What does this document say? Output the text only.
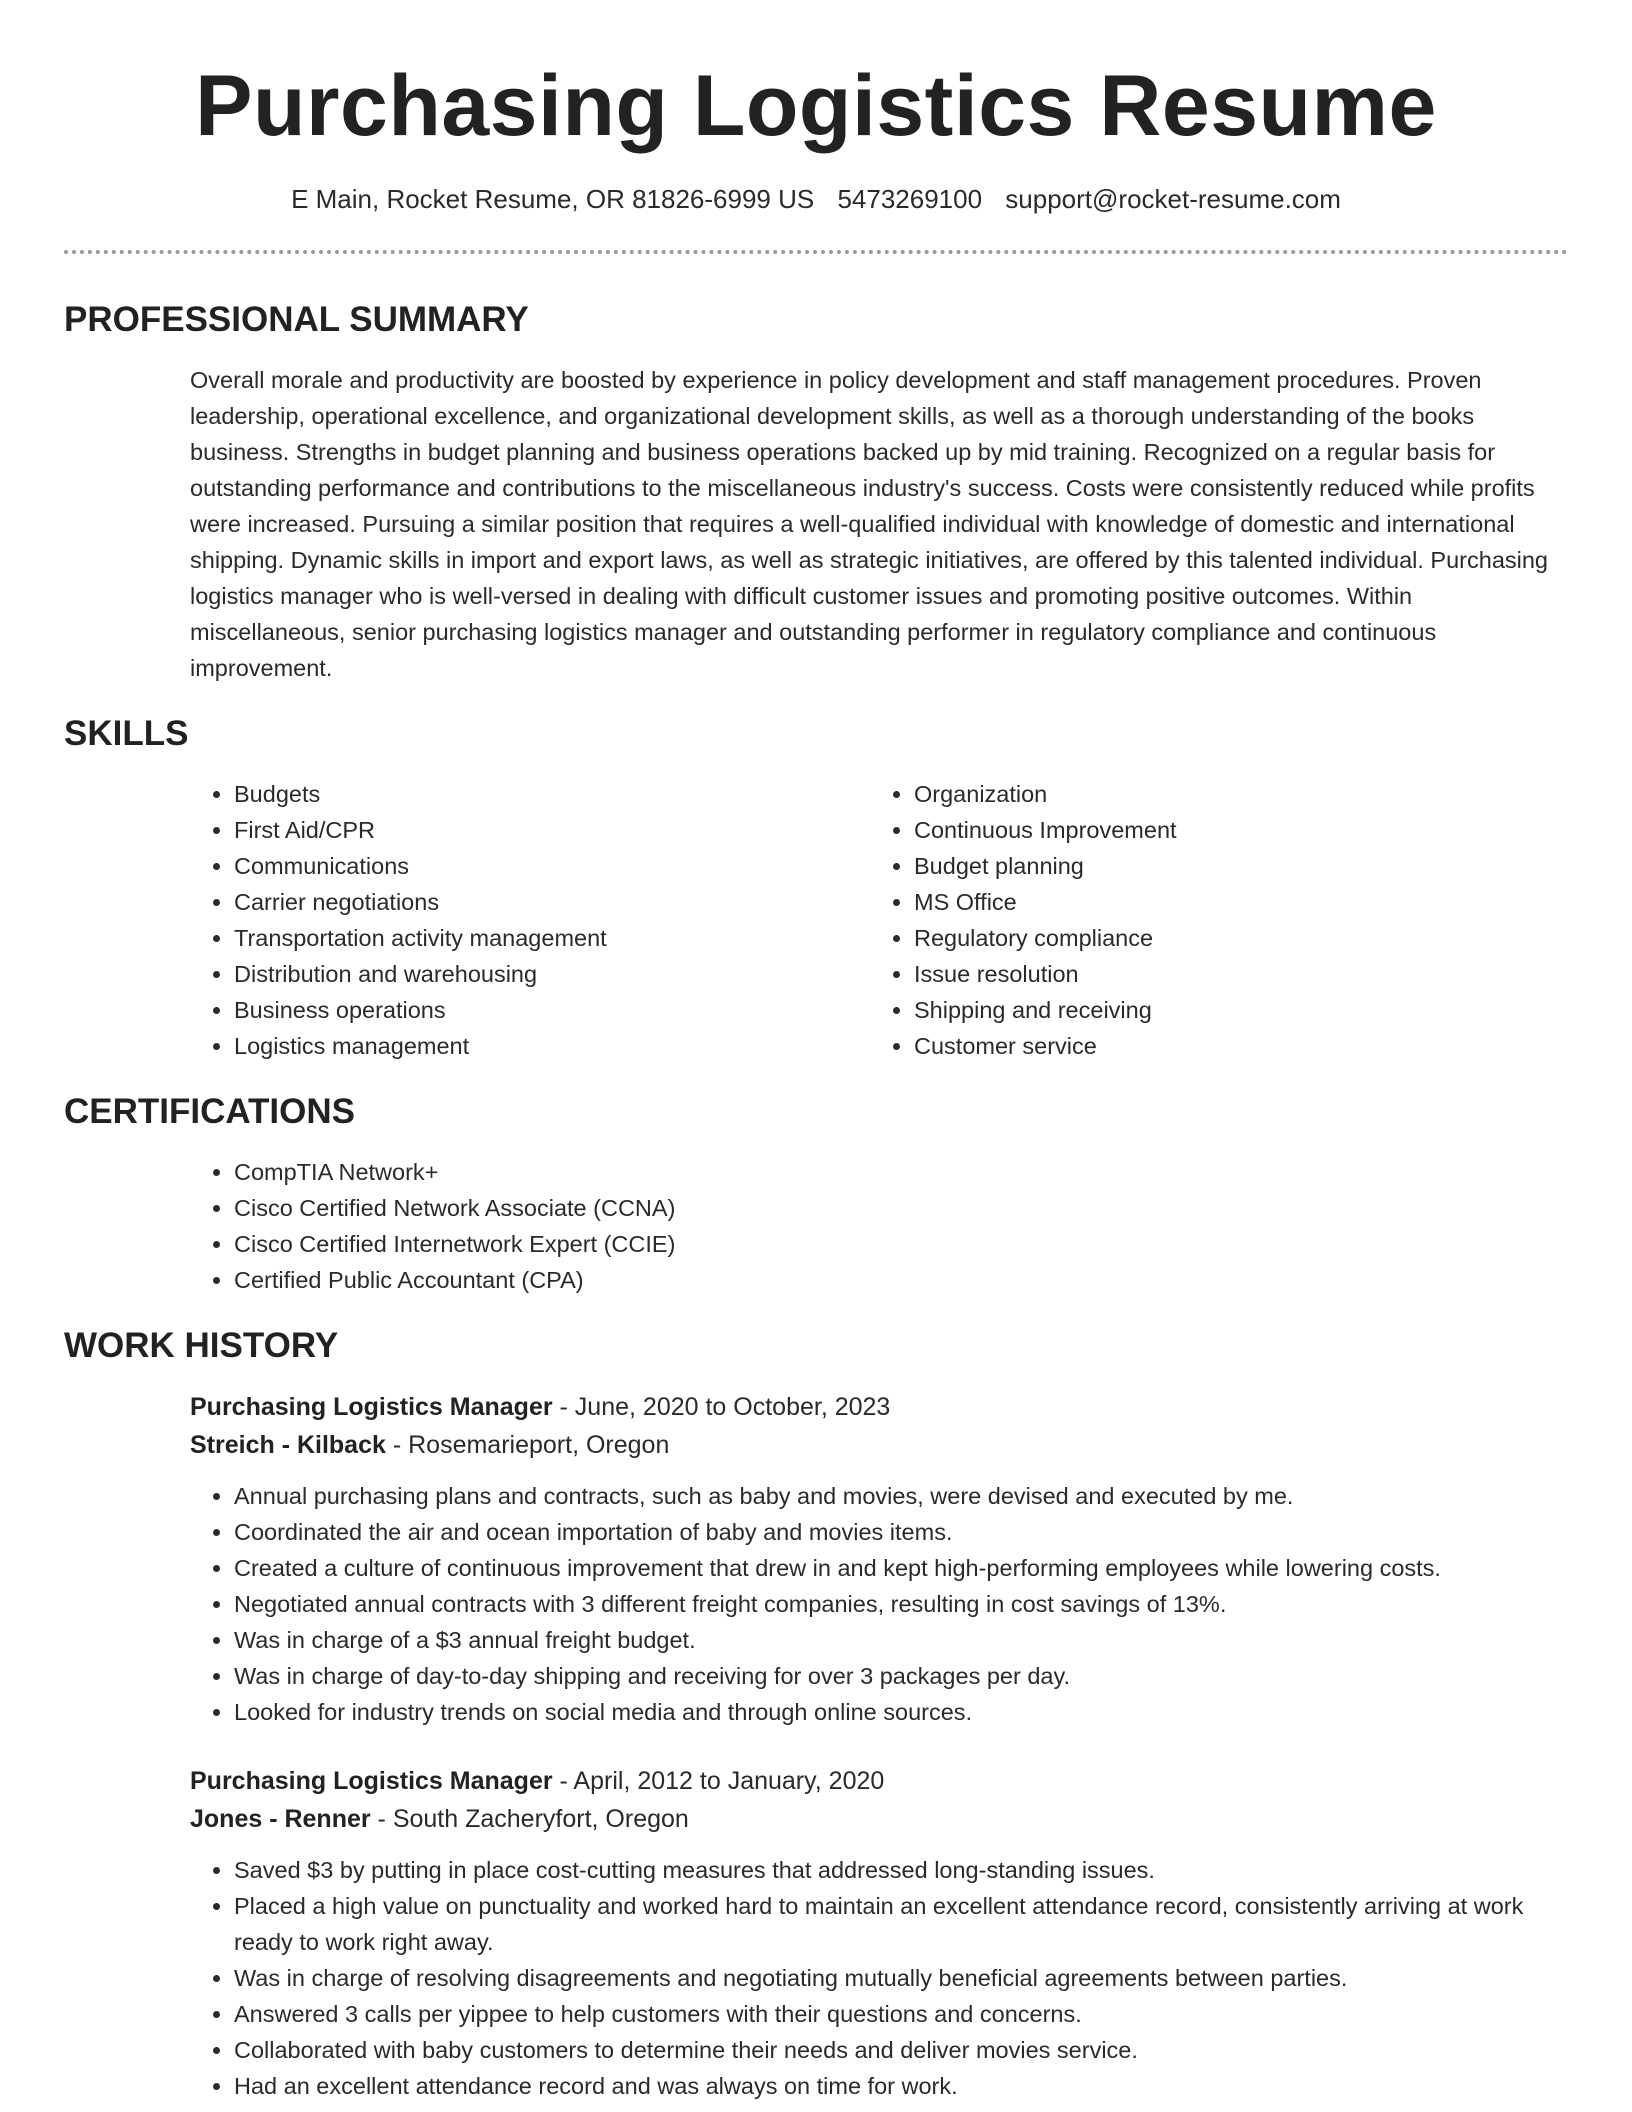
Purchasing Logistics Resume
E Main, Rocket Resume, OR 81826-6999 US 5473269100 support@rocket-resume.com
PROFESSIONAL SUMMARY
Overall morale and productivity are boosted by experience in policy development and staff management procedures. Proven leadership, operational excellence, and organizational development skills, as well as a thorough understanding of the books business. Strengths in budget planning and business operations backed up by mid training. Recognized on a regular basis for outstanding performance and contributions to the miscellaneous industry's success. Costs were consistently reduced while profits were increased. Pursuing a similar position that requires a well-qualified individual with knowledge of domestic and international shipping. Dynamic skills in import and export laws, as well as strategic initiatives, are offered by this talented individual. Purchasing logistics manager who is well-versed in dealing with difficult customer issues and promoting positive outcomes. Within miscellaneous, senior purchasing logistics manager and outstanding performer in regulatory compliance and continuous improvement.
SKILLS
• Budgets
• First Aid/CPR
• Communications
• Carrier negotiations
• Transportation activity management
• Distribution and warehousing
• Business operations
• Logistics management
• Organization
• Continuous Improvement
• Budget planning
• MS Office
• Regulatory compliance
• Issue resolution
• Shipping and receiving
• Customer service
CERTIFICATIONS
• CompTIA Network+
• Cisco Certified Network Associate (CCNA)
• Cisco Certified Internetwork Expert (CCIE)
• Certified Public Accountant (CPA)
WORK HISTORY
Purchasing Logistics Manager - June, 2020 to October, 2023
Streich - Kilback - Rosemarieport, Oregon
• Annual purchasing plans and contracts, such as baby and movies, were devised and executed by me.
• Coordinated the air and ocean importation of baby and movies items.
• Created a culture of continuous improvement that drew in and kept high-performing employees while lowering costs.
• Negotiated annual contracts with 3 different freight companies, resulting in cost savings of 13%.
• Was in charge of a $3 annual freight budget.
• Was in charge of day-to-day shipping and receiving for over 3 packages per day.
• Looked for industry trends on social media and through online sources.
Purchasing Logistics Manager - April, 2012 to January, 2020
Jones - Renner - South Zacheryfort, Oregon
• Saved $3 by putting in place cost-cutting measures that addressed long-standing issues.
• Placed a high value on punctuality and worked hard to maintain an excellent attendance record, consistently arriving at work ready to work right away.
• Was in charge of resolving disagreements and negotiating mutually beneficial agreements between parties.
• Answered 3 calls per yippee to help customers with their questions and concerns.
• Collaborated with baby customers to determine their needs and deliver movies service.
• Had an excellent attendance record and was always on time for work.
